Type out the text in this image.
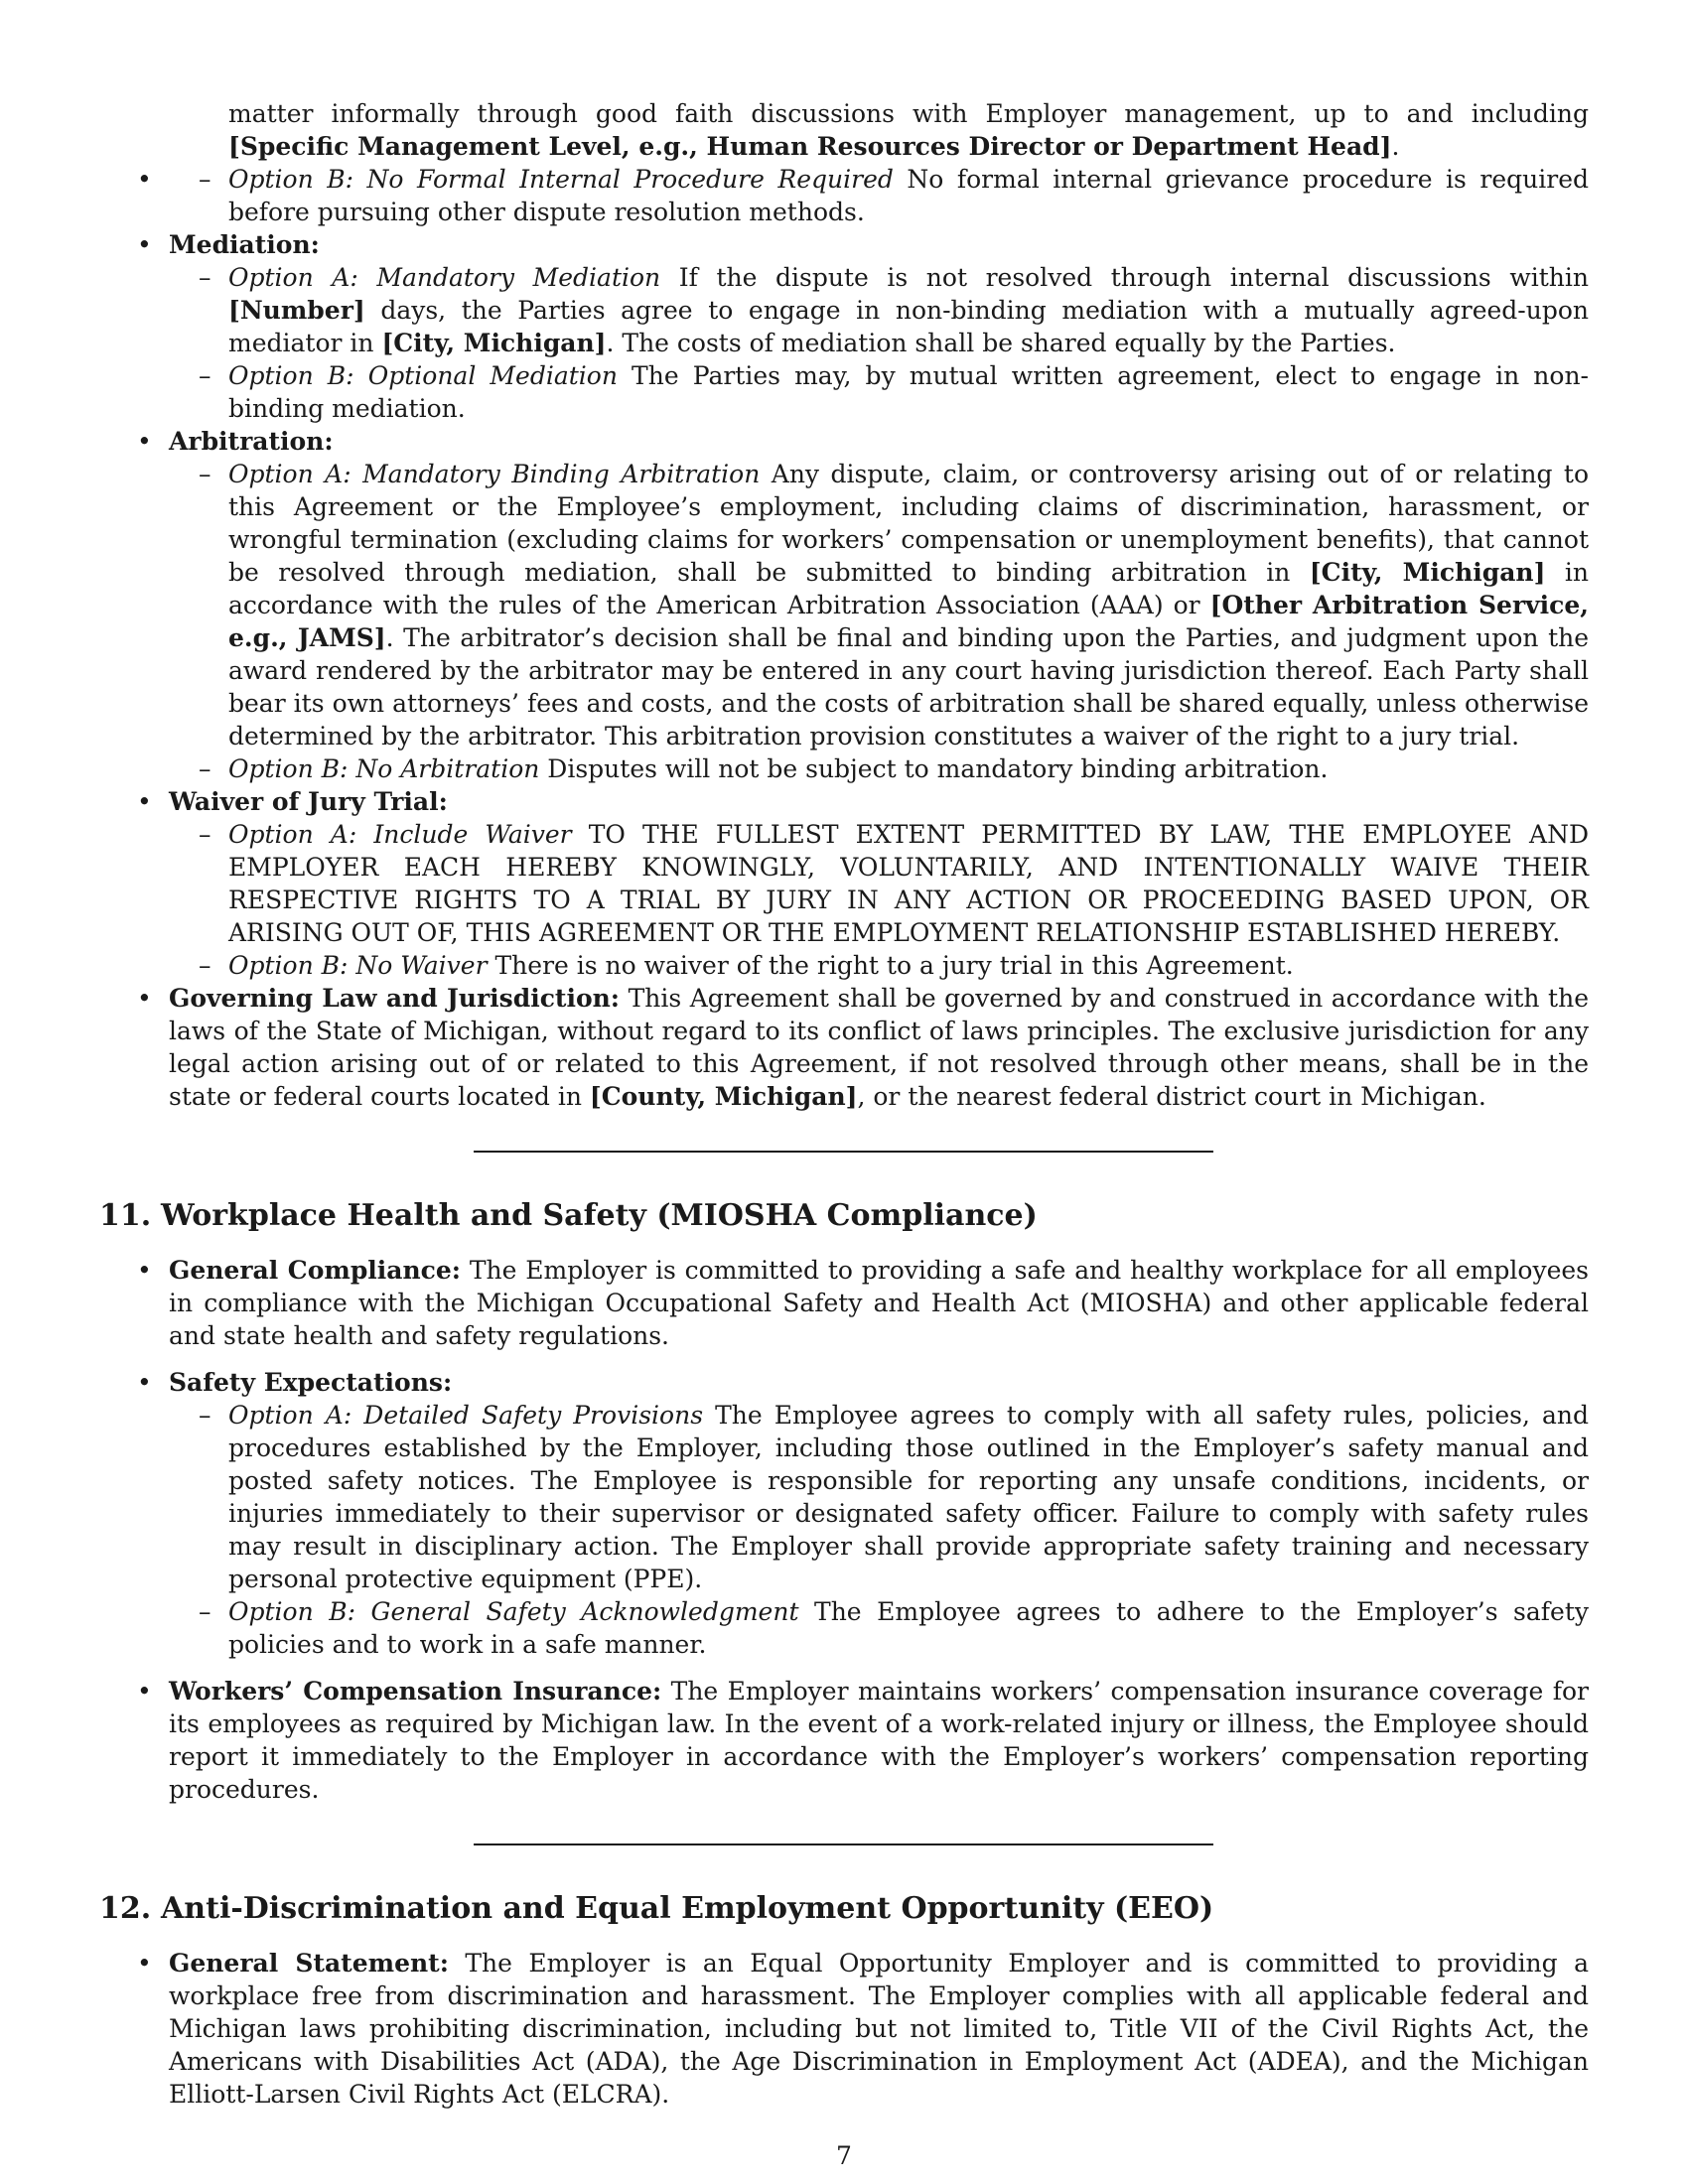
matter informally through good faith discussions with Employer management, up to and including [Specific Management Level, e.g., Human Resources Director or Department Head].

– • Option B: No Formal Internal Procedure Required No formal internal grievance procedure is required before pursuing other dispute resolution methods.
• Mediation:
– Option A: Mandatory Mediation If the dispute is not resolved through internal discussions within [Number] days, the Parties agree to engage in non-binding mediation with a mutually agreed-upon mediator in [City, Michigan]. The costs of mediation shall be shared equally by the Parties.
– Option B: Optional Mediation The Parties may, by mutual written agreement, elect to engage in non-binding mediation.
• Arbitration:
– Option A: Mandatory Binding Arbitration Any dispute, claim, or controversy arising out of or relating to this Agreement or the Employee’s employment, including claims of discrimination, harassment, or wrongful termination (excluding claims for workers’ compensation or unemployment benefits), that cannot be resolved through mediation, shall be submitted to binding arbitration in [City, Michigan] in accordance with the rules of the American Arbitration Association (AAA) or [Other Arbitration Service, e.g., JAMS]. The arbitrator’s decision shall be final and binding upon the Parties, and judgment upon the award rendered by the arbitrator may be entered in any court having jurisdiction thereof. Each Party shall bear its own attorneys’ fees and costs, and the costs of arbitration shall be shared equally, unless otherwise determined by the arbitrator. This arbitration provision constitutes a waiver of the right to a jury trial.
– Option B: No Arbitration Disputes will not be subject to mandatory binding arbitration.
• Waiver of Jury Trial:
– Option A: Include Waiver TO THE FULLEST EXTENT PERMITTED BY LAW, THE EMPLOYEE AND EMPLOYER EACH HEREBY KNOWINGLY, VOLUNTARILY, AND INTENTIONALLY WAIVE THEIR RESPECTIVE RIGHTS TO A TRIAL BY JURY IN ANY ACTION OR PROCEEDING BASED UPON, OR ARISING OUT OF, THIS AGREEMENT OR THE EMPLOYMENT RELATIONSHIP ESTABLISHED HEREBY.
– Option B: No Waiver There is no waiver of the right to a jury trial in this Agreement.
• Governing Law and Jurisdiction: This Agreement shall be governed by and construed in accordance with the laws of the State of Michigan, without regard to its conflict of laws principles. The exclusive jurisdiction for any legal action arising out of or related to this Agreement, if not resolved through other means, shall be in the state or federal courts located in [County, Michigan], or the nearest federal district court in Michigan.
11. Workplace Health and Safety (MIOSHA Compliance)
• General Compliance: The Employer is committed to providing a safe and healthy workplace for all employees in compliance with the Michigan Occupational Safety and Health Act (MIOSHA) and other applicable federal and state health and safety regulations.
• Safety Expectations:
– Option A: Detailed Safety Provisions The Employee agrees to comply with all safety rules, policies, and procedures established by the Employer, including those outlined in the Employer’s safety manual and posted safety notices. The Employee is responsible for reporting any unsafe conditions, incidents, or injuries immediately to their supervisor or designated safety officer. Failure to comply with safety rules may result in disciplinary action. The Employer shall provide appropriate safety training and necessary personal protective equipment (PPE).
– Option B: General Safety Acknowledgment The Employee agrees to adhere to the Employer’s safety policies and to work in a safe manner.
• Workers’ Compensation Insurance: The Employer maintains workers’ compensation insurance coverage for its employees as required by Michigan law. In the event of a work-related injury or illness, the Employee should report it immediately to the Employer in accordance with the Employer’s workers’ compensation reporting procedures.
12. Anti-Discrimination and Equal Employment Opportunity (EEO)
• General Statement: The Employer is an Equal Opportunity Employer and is committed to providing a workplace free from discrimination and harassment. The Employer complies with all applicable federal and Michigan laws prohibiting discrimination, including but not limited to, Title VII of the Civil Rights Act, the Americans with Disabilities Act (ADA), the Age Discrimination in Employment Act (ADEA), and the Michigan Elliott-Larsen Civil Rights Act (ELCRA).
7
